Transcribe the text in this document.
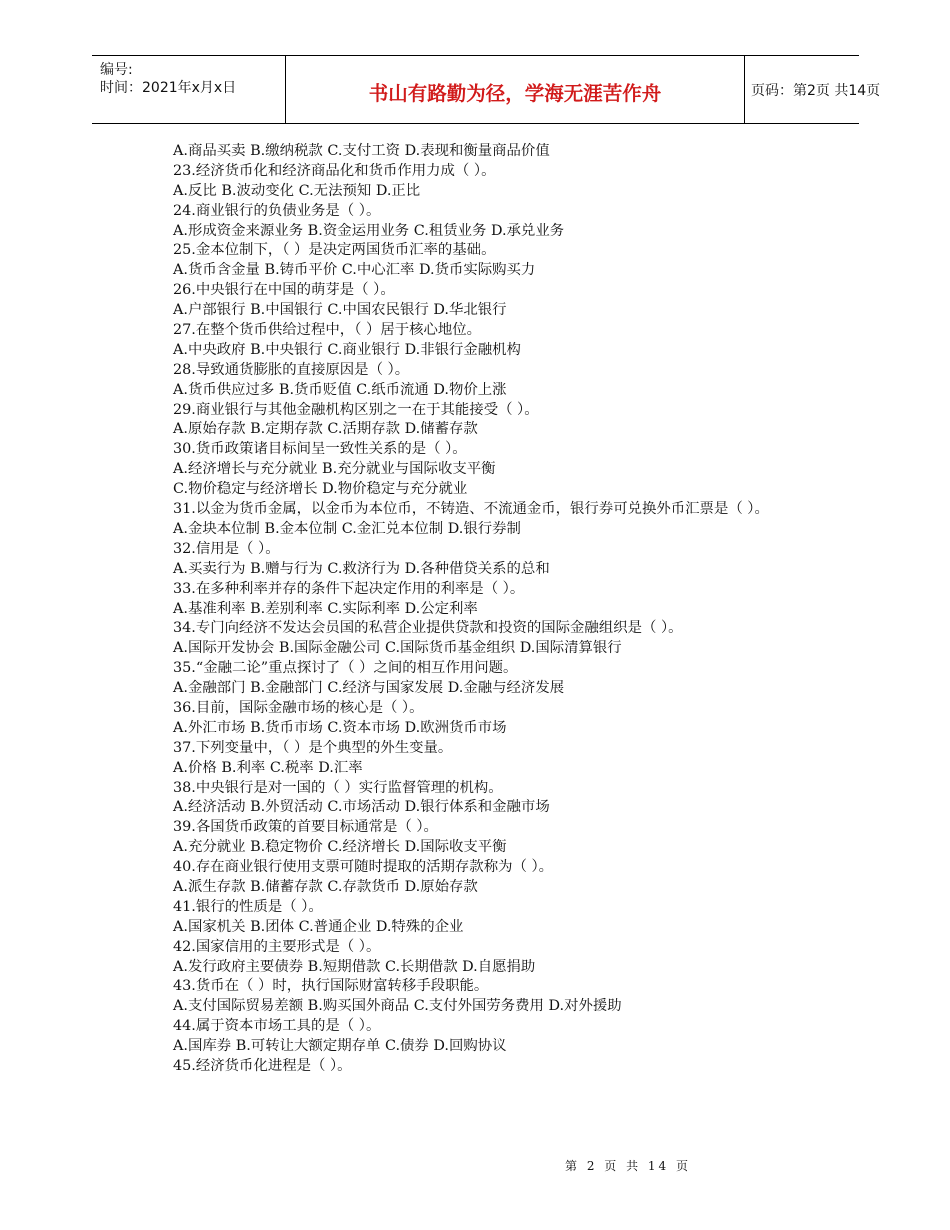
编号:
时间：2021年x月x日	书山有路勤为径，学海无涯苦作舟	页码：第2页 共14页
A.商品买卖 B.缴纳税款 C.支付工资 D.表现和衡量商品价值
23.经济货币化和经济商品化和货币作用力成（ ）。
A.反比 B.波动变化 C.无法预知 D.正比
24.商业银行的负债业务是（ ）。
A.形成资金来源业务 B.资金运用业务 C.租赁业务 D.承兑业务
25.金本位制下，（ ）是决定两国货币汇率的基础。
A.货币含金量 B.铸币平价 C.中心汇率 D.货币实际购买力
26.中央银行在中国的萌芽是（ ）。
A.户部银行 B.中国银行 C.中国农民银行 D.华北银行
27.在整个货币供给过程中，（ ）居于核心地位。
A.中央政府 B.中央银行 C.商业银行 D.非银行金融机构
28.导致通货膨胀的直接原因是（ ）。
A.货币供应过多 B.货币贬值 C.纸币流通 D.物价上涨
29.商业银行与其他金融机构区别之一在于其能接受（ ）。
A.原始存款 B.定期存款 C.活期存款 D.储蓄存款
30.货币政策诸目标间呈一致性关系的是（ ）。
A.经济增长与充分就业 B.充分就业与国际收支平衡
C.物价稳定与经济增长 D.物价稳定与充分就业
31.以金为货币金属，以金币为本位币，不铸造、不流通金币，银行券可兑换外币汇票是（ ）。
A.金块本位制 B.金本位制 C.金汇兑本位制 D.银行券制
32.信用是（ ）。
A.买卖行为 B.赠与行为 C.救济行为 D.各种借贷关系的总和
33.在多种利率并存的条件下起决定作用的利率是（ ）。
A.基准利率 B.差别利率 C.实际利率 D.公定利率
34.专门向经济不发达会员国的私营企业提供贷款和投资的国际金融组织是（ ）。
A.国际开发协会 B.国际金融公司 C.国际货币基金组织 D.国际清算银行
35.“金融二论”重点探讨了（ ）之间的相互作用问题。
A.金融部门 B.金融部门 C.经济与国家发展 D.金融与经济发展
36.目前，国际金融市场的核心是（ ）。
A.外汇市场 B.货币市场 C.资本市场 D.欧洲货币市场
37.下列变量中，（ ）是个典型的外生变量。
A.价格 B.利率 C.税率 D.汇率
38.中央银行是对一国的（ ）实行监督管理的机构。
A.经济活动 B.外贸活动 C.市场活动 D.银行体系和金融市场
39.各国货币政策的首要目标通常是（ ）。
A.充分就业 B.稳定物价 C.经济增长 D.国际收支平衡
40.存在商业银行使用支票可随时提取的活期存款称为（ ）。
A.派生存款 B.储蓄存款 C.存款货币 D.原始存款
41.银行的性质是（ ）。
A.国家机关 B.团体 C.普通企业 D.特殊的企业
42.国家信用的主要形式是（ ）。
A.发行政府主要债券 B.短期借款 C.长期借款 D.自愿捐助
43.货币在（ ）时，执行国际财富转移手段职能。
A.支付国际贸易差额 B.购买国外商品 C.支付外国劳务费用 D.对外援助
44.属于资本市场工具的是（ ）。
A.国库券 B.可转让大额定期存单 C.债券 D.回购协议
45.经济货币化进程是（ ）。
第 2 页 共 14 页
